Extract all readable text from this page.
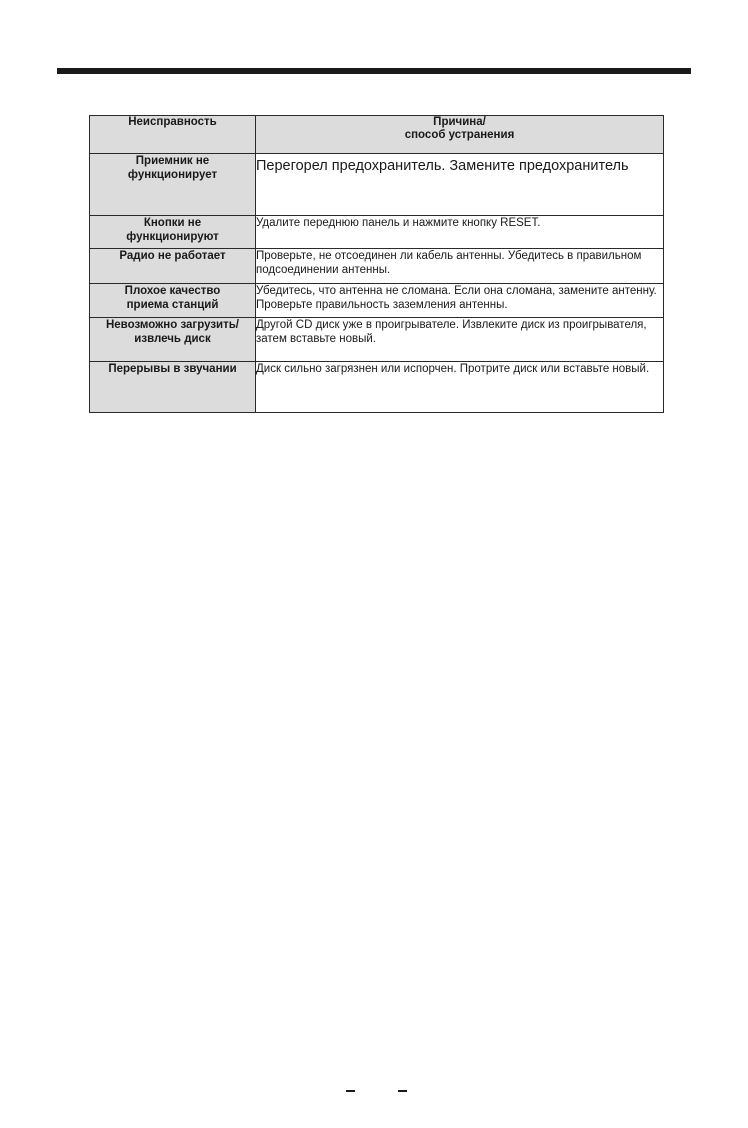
Неисправность	Причина/
способ устранения

Приемник не
функционирует	Перегорел предохранитель. Замените предохранитель

Кнопки не
функционируют	Удалите переднюю панель и нажмите кнопку RESET.

Радио не работает	Проверьте, не отсоединен ли кабель антенны. Убедитесь в правильном подсоединении антенны.

Плохое качество
приема станций	Убедитесь, что антенна не сломана. Если она сломана, замените антенну. Проверьте правильность заземления антенны.

Невозможно загрузить/
извлечь диск	Другой CD диск уже в проигрывателе. Извлеките диск из проигрывателя, затем вставьте новый.

Перерывы в звучании	Диск сильно загрязнен или испорчен. Протрите диск или вставьте новый.
